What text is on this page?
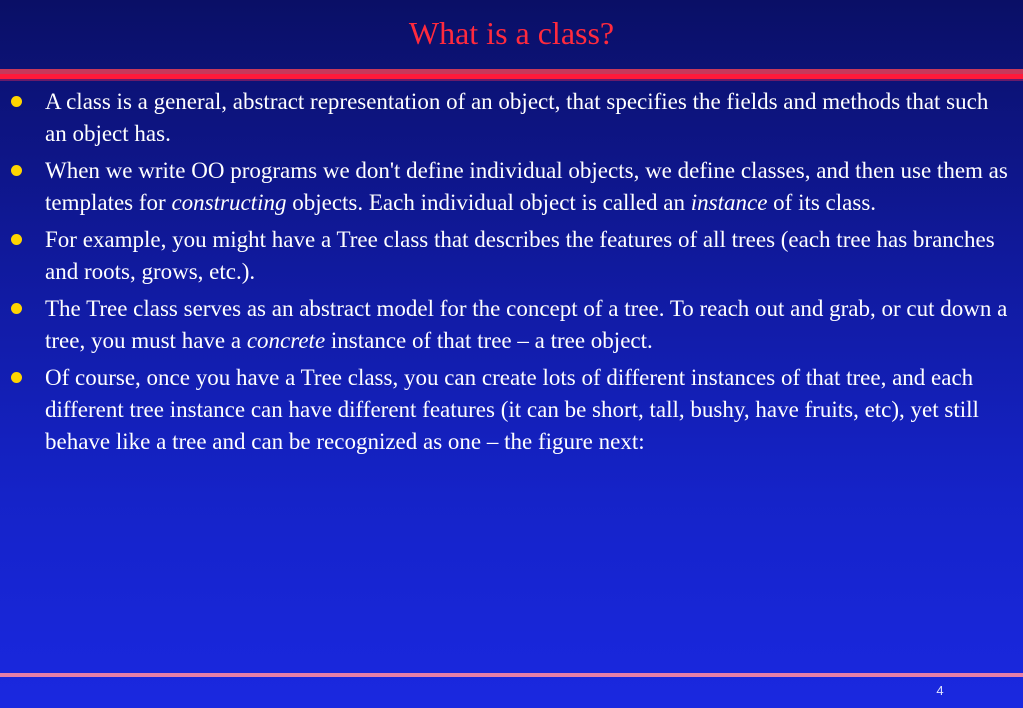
What is a class?
A class is a general, abstract representation of an object, that specifies the fields and methods that such an object has.
When we write OO programs we don't define individual objects, we define classes, and then use them as templates for constructing objects. Each individual object is called an instance of its class.
For example, you might have a Tree class that describes the features of all trees (each tree has branches and roots, grows, etc.).
The Tree class serves as an abstract model for the concept of a tree. To reach out and grab, or cut down a tree, you must have a concrete instance of that tree – a tree object.
Of course, once you have a Tree class, you can create lots of different instances of that tree, and each different tree instance can have different features (it can be short, tall, bushy, have fruits, etc), yet still behave like a tree and can be recognized as one – the figure next:
4
